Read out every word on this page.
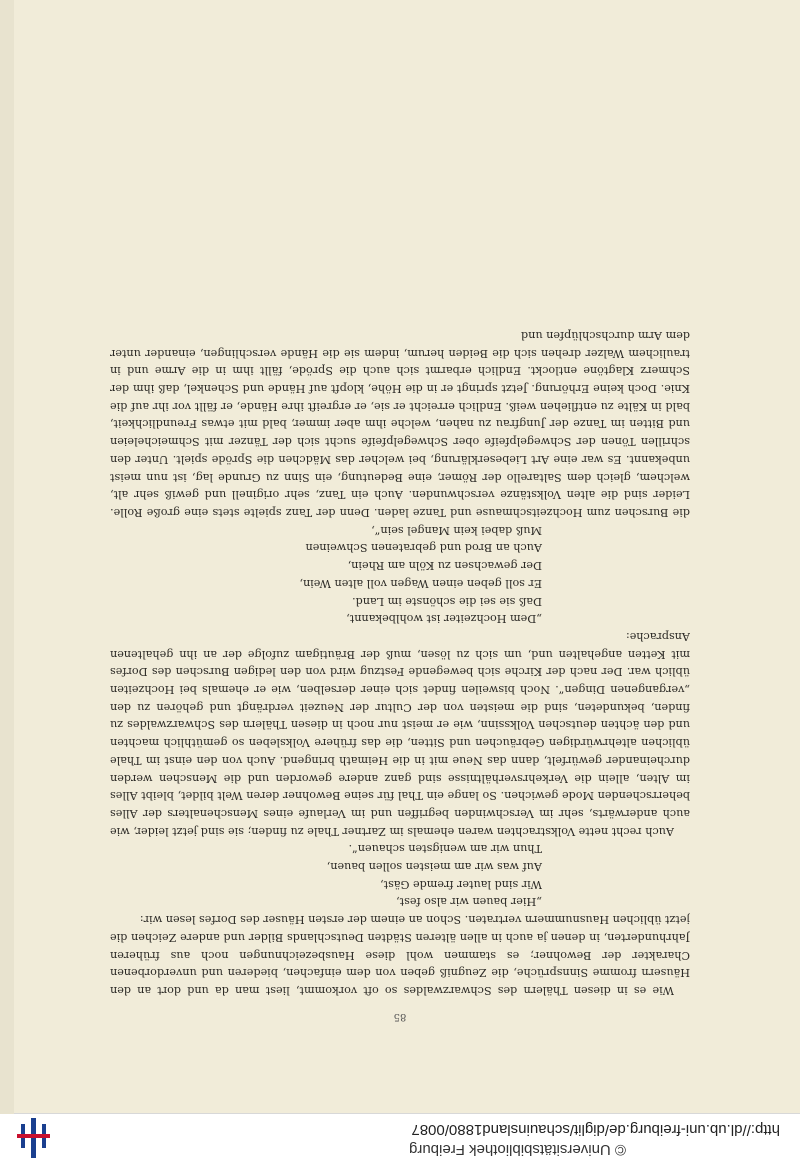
© Universitätsbibliothek Freiburg
http://dl.ub.uni-freiburg.de/diglit/schauinsland1880/0087
85

Wie es in diesen Thälern des Schwarzwaldes so oft vorkommt, liest man da und dort an den Häusern fromme Sinnsprüche, die Zeugniß geben von dem einfachen, biederen und unverdorbenen Charakter der Bewohner; es stammen wohl diese Hausbezeichnungen noch aus früheren Jahrhunderten, in denen ja auch in allen älteren Städten Deutschlands Bilder und andere Zeichen die jetzt üblichen Hausnummern vertraten. Schon an einem der ersten Häuser des Dorfes lesen wir:

„Hier bauen wir also fest,

Wir sind lauter fremde Gäst,

Auf was wir am meisten sollen bauen,

Thun wir am wenigsten schauen“.

Auch recht nette Volkstrachten waren ehemals im Zartner Thale zu finden; sie sind jetzt leider, wie auch anderwärts, sehr im Verschwinden begriffen und im Verlaufe eines Menschenalters der Alles beherrschenden Mode gewichen. So lange ein Thal für seine Bewohner deren Welt bildet, bleibt Alles im Alten, allein die Verkehrsverhältnisse sind ganz andere geworden und die Menschen werden durcheinander gewürfelt, dann das Neue mit in die Heimath bringend. Auch von den einst im Thale üblichen altehrwürdigen Gebräuchen und Sitten, die das frühere Volksleben so gemüthlich machten und den ächten deutschen Volkssinn, wie er meist nur noch in diesen Thälern des Schwarzwaldes zu finden, bekundeten, sind die meisten von der Cultur der Neuzeit verdrängt und gehören zu den „vergangenen Dingen“. Noch bisweilen findet sich einer derselben, wie er ehemals bei Hochzeiten üblich war. Der nach der Kirche sich bewegende Festzug wird von den ledigen Burschen des Dorfes mit Ketten angehalten und, um sich zu lösen, muß der Bräutigam zufolge der an ihn gehaltenen Ansprache:

„Dem Hochzeiter ist wohlbekannt,

Daß sie sei die schönste im Land.

Er soll geben einen Wagen voll alten Wein,

Der gewachsen zu Köln am Rhein,

Auch an Brod und gebratenen Schweinen

Muß dabei kein Mangel sein“,

die Burschen zum Hochzeitschmause und Tanze laden. Denn der Tanz spielte stets eine große Rolle. Leider sind die alten Volkstänze verschwunden. Auch ein Tanz, sehr originell und gewiß sehr alt, welchem, gleich dem Saltarello der Römer, eine Bedeutung, ein Sinn zu Grunde lag, ist nun meist unbekannt. Es war eine Art Liebeserklärung, bei welcher das Mädchen die Spröde spielt. Unter den schrillen Tönen der Schwegelpfeife ober Schwegelpfeife sucht sich der Tänzer mit Schmeicheleien und Bitten im Tanze der Jungfrau zu nahen, welche ihm aber immer, bald mit etwas Freundlichkeit, bald in Kälte zu entfliehen weiß. Endlich erreicht er sie, er ergreift ihre Hände, er fällt vor ihr auf die Knie. Doch keine Erhörung. Jetzt springt er in die Höhe, klopft auf Hände und Schenkel, daß ihm der Schmerz Klagtöne entlockt. Endlich erbarmt sich auch die Spröde, fällt ihm in die Arme und in traulichem Walzer drehen sich die Beiden herum, indem sie die Hände verschlingen, einander unter dem Arm durchschlüpfen und
